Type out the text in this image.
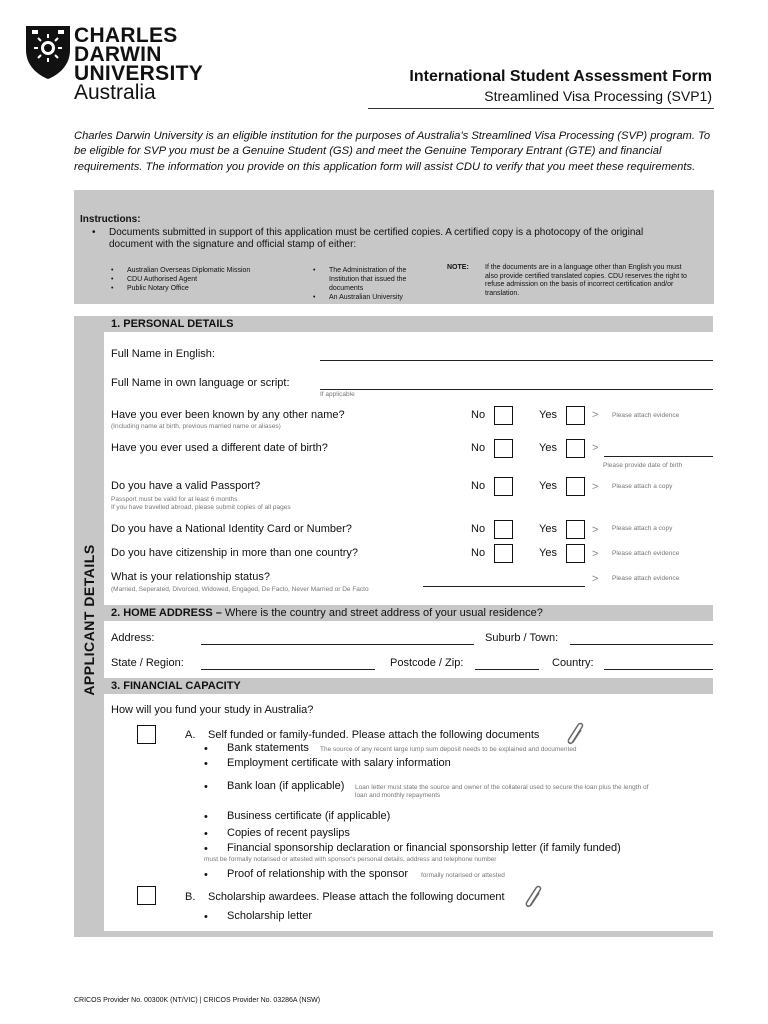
CHARLES
DARWIN
UNIVERSITY
Australia
International Student Assessment Form
Streamlined Visa Processing (SVP1)
Charles Darwin University is an eligible institution for the purposes of Australia’s Streamlined Visa Processing (SVP) program. To be eligible for SVP you must be a Genuine Student (GS) and meet the Genuine Temporary Entrant (GTE) and financial requirements. The information you provide on this application form will assist CDU to verify that you meet these requirements.
Instructions:
• Documents submitted in support of this application must be certified copies. A certified copy is a photocopy of the original document with the signature and official stamp of either:
• Australian Overseas Diplomatic Mission
• CDU Authorised Agent
• Public Notary Office
• The Administration of the Institution that issued the documents
• An Australian University
NOTE: If the documents are in a language other than English you must also provide certified translated copies. CDU reserves the right to refuse admission on the basis of incorrect certification and/or translation.
APPLICANT DETAILS
1. PERSONAL DETAILS
Full Name in English:
Full Name in own language or script:
If applicable
Have you ever been known by any other name?
(Including name at birth, previous married name or aliases)
No	Yes	> Please attach evidence
Have you ever used a different date of birth?	No	Yes	>
Please provide date of birth
Do you have a valid Passport?
Passport must be valid for at least 6 months
If you have travelled abroad, please submit copies of all pages
No	Yes	> Please attach a copy
Do you have a National Identity Card or Number?	No	Yes	> Please attach a copy
Do you have citizenship in more than one country?	No	Yes	> Please attach evidence
What is your relationship status?
(Married, Seperated, Divorced, Widowed, Engaged, De Facto, Never Married or De Facto
> Please attach evidence
2. HOME ADDRESS – Where is the country and street address of your usual residence?
Address:	Suburb / Town:
State / Region:	Postcode / Zip:	Country:
3. FINANCIAL CAPACITY
How will you fund your study in Australia?
A. Self funded or family-funded. Please attach the following documents
• Bank statements The source of any recent large lump sum deposit needs to be explained and documented
• Employment certificate with salary information
• Bank loan (if applicable) Loan letter must state the source and owner of the collateral used to secure the loan plus the length of
loan and monthly repayments
• Business certificate (if applicable)
• Copies of recent payslips
• Financial sponsorship declaration or financial sponsorship letter (if family funded)
must be formally notarised or attested with sponsor's personal details, address and telephone number
• Proof of relationship with the sponsor formally notarised or attested
B. Scholarship awardees. Please attach the following document
• Scholarship letter
CRICOS Provider No. 00300K (NT/VIC) | CRICOS Provider No. 03286A (NSW)
